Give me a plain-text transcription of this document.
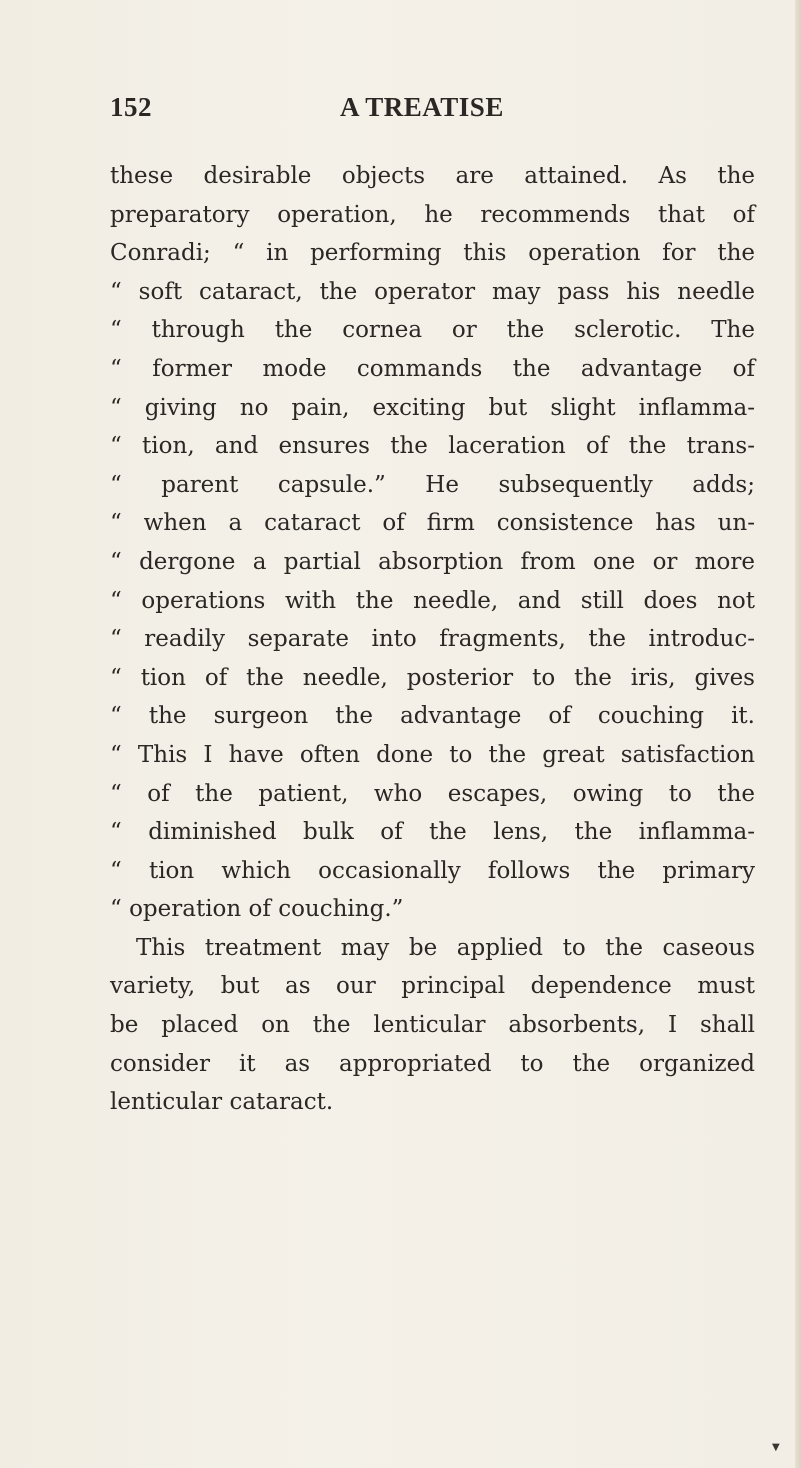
152	A TREATISE
these desirable objects are attained. As the
preparatory operation, he recommends that of
Conradi; “ in performing this operation for the
“ soft cataract, the operator may pass his needle
“ through the cornea or the sclerotic. The
“ former mode commands the advantage of
“ giving no pain, exciting but slight inflamma-
“ tion, and ensures the laceration of the trans-
“ parent capsule.” He subsequently adds;
“ when a cataract of firm consistence has un-
“ dergone a partial absorption from one or more
“ operations with the needle, and still does not
“ readily separate into fragments, the introduc-
“ tion of the needle, posterior to the iris, gives
“ the surgeon the advantage of couching it.
“ This I have often done to the great satisfaction
“ of the patient, who escapes, owing to the
“ diminished bulk of the lens, the inflamma-
“ tion which occasionally follows the primary
“ operation of couching.”
This treatment may be applied to the caseous
variety, but as our principal dependence must
be placed on the lenticular absorbents, I shall
consider it as appropriated to the organized
lenticular cataract.
▼
